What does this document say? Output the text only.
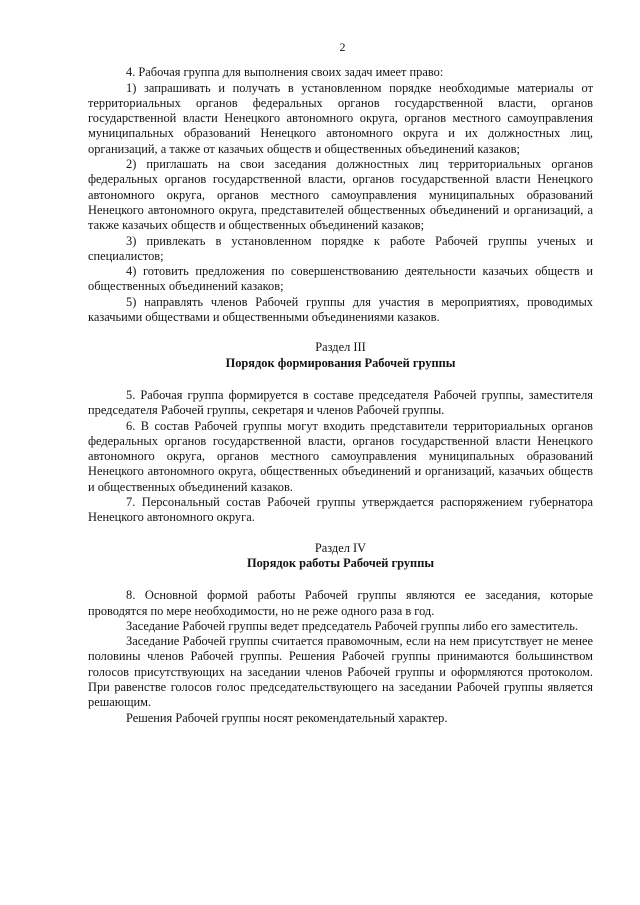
2

4. Рабочая группа для выполнения своих задач имеет право:

1) запрашивать и получать в установленном порядке необходимые материалы от территориальных органов федеральных органов государственной власти, органов государственной власти Ненецкого автономного округа, органов местного самоуправления муниципальных образований Ненецкого автономного округа и их должностных лиц, организаций, а также от казачьих обществ и общественных объединений казаков;

2) приглашать на свои заседания должностных лиц территориальных органов федеральных органов государственной власти, органов государственной власти Ненецкого автономного округа, органов местного самоуправления муниципальных образований Ненецкого автономного округа, представителей общественных объединений и организаций, а также казачьих обществ и общественных объединений казаков;

3) привлекать в установленном порядке к работе Рабочей группы ученых и специалистов;

4) готовить предложения по совершенствованию деятельности казачьих обществ и общественных объединений казаков;

5) направлять членов Рабочей группы для участия в мероприятиях, проводимых казачьими обществами и общественными объединениями казаков.

Раздел III

Порядок формирования Рабочей группы

5. Рабочая группа формируется в составе председателя Рабочей группы, заместителя председателя Рабочей группы, секретаря и членов Рабочей группы.

6. В состав Рабочей группы могут входить представители территориальных органов федеральных органов государственной власти, органов государственной власти Ненецкого автономного округа, органов местного самоуправления муниципальных образований Ненецкого автономного округа, общественных объединений и организаций, казачьих обществ и общественных объединений казаков.

7. Персональный состав Рабочей группы утверждается распоряжением губернатора Ненецкого автономного округа.

Раздел IV

Порядок работы Рабочей группы

8. Основной формой работы Рабочей группы являются ее заседания, которые проводятся по мере необходимости, но не реже одного раза в год.

Заседание Рабочей группы ведет председатель Рабочей группы либо его заместитель.

Заседание Рабочей группы считается правомочным, если на нем присутствует не менее половины членов Рабочей группы. Решения Рабочей группы принимаются большинством голосов присутствующих на заседании членов Рабочей группы и оформляются протоколом. При равенстве голосов голос председательствующего на заседании Рабочей группы является решающим.

Решения Рабочей группы носят рекомендательный характер.
